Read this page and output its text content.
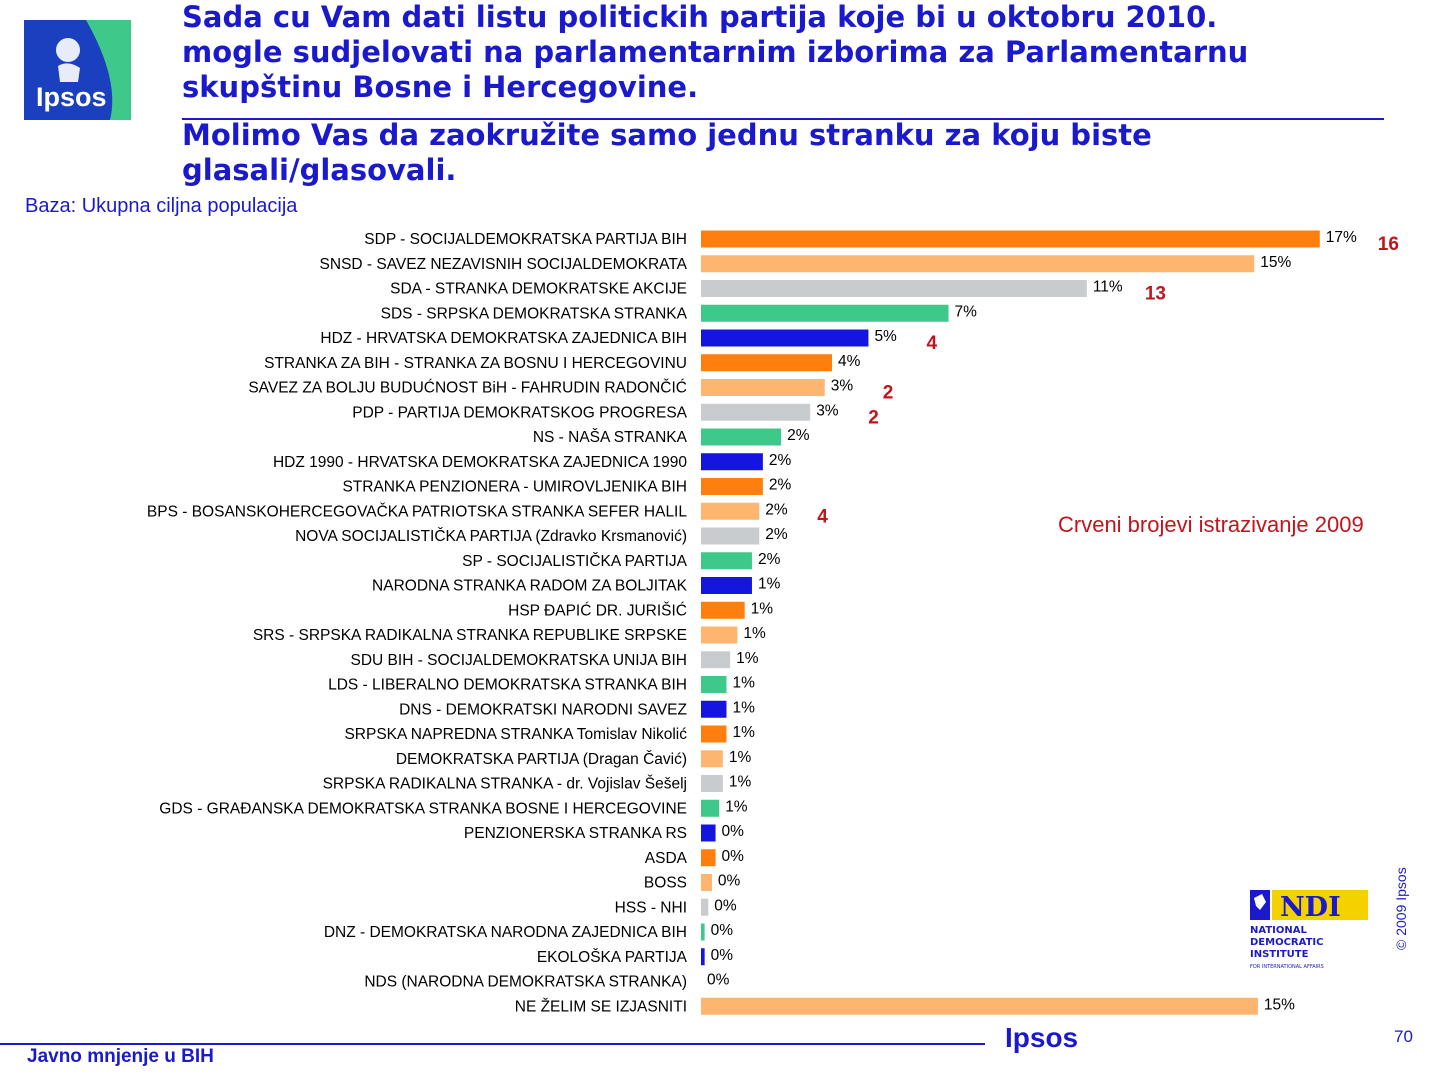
Ipsos
Sada cu Vam dati listu politickih partija koje bi u oktobru 2010.
mogle sudjelovati na parlamentarnim izborima za Parlamentarnu
skupštinu Bosne i Hercegovine.
Molimo Vas da zaokružite samo jednu stranku za koju biste
glasali/glasovali.
Baza: Ukupna ciljna populacija
SDP - SOCIJALDEMOKRATSKA PARTIJA BIH	17%
SNSD - SAVEZ NEZAVISNIH SOCIJALDEMOKRATA	15%
SDA - STRANKA DEMOKRATSKE AKCIJE	11%
SDS - SRPSKA DEMOKRATSKA STRANKA	7%
HDZ - HRVATSKA DEMOKRATSKA ZAJEDNICA BIH	5%
STRANKA ZA BIH - STRANKA ZA BOSNU I HERCEGOVINU	4%
SAVEZ ZA BOLJU BUDUĆNOST BiH - FAHRUDIN RADONČIĆ	3%
PDP - PARTIJA DEMOKRATSKOG PROGRESA	3%
NS - NAŠA STRANKA	2%
HDZ 1990 - HRVATSKA DEMOKRATSKA ZAJEDNICA 1990	2%
STRANKA PENZIONERA - UMIROVLJENIKA BIH	2%
BPS - BOSANSKOHERCEGOVAČKA PATRIOTSKA STRANKA SEFER HALIL	2%
NOVA SOCIJALISTIČKA PARTIJA (Zdravko Krsmanović)	2%
SP - SOCIJALISTIČKA PARTIJA	2%
NARODNA STRANKA RADOM ZA BOLJITAK	1%
HSP ĐAPIĆ DR. JURIŠIĆ	1%
SRS - SRPSKA RADIKALNA STRANKA REPUBLIKE SRPSKE	1%
SDU BIH - SOCIJALDEMOKRATSKA UNIJA BIH	1%
LDS - LIBERALNO DEMOKRATSKA STRANKA BIH	1%
DNS - DEMOKRATSKI NARODNI SAVEZ	1%
SRPSKA NAPREDNA STRANKA Tomislav Nikolić	1%
DEMOKRATSKA PARTIJA (Dragan Čavić)	1%
SRPSKA RADIKALNA STRANKA - dr. Vojislav Šešelj	1%
GDS - GRAĐANSKA DEMOKRATSKA STRANKA BOSNE I HERCEGOVINE 1%
PENZIONERSKA STRANKA RS 0%
ASDA 0%
BOSS 0%
HSS - NHI 0%
DNZ - DEMOKRATSKA NARODNA ZAJEDNICA BIH 0%
EKOLOŠKA PARTIJA 0%
NDS (NARODNA DEMOKRATSKA STRANKA) 0%
NE ŽELIM SE IZJASNITI	15%
16
13
4
2
2
4	Crveni brojevi istrazivanje 2009
NDI
NATIONAL
DEMOCRATIC
INSTITUTE
FOR INTERNATIONAL AFFAIRS
© 2009 Ipsos
Javno mnjenje u BIH
Ipsos	70
